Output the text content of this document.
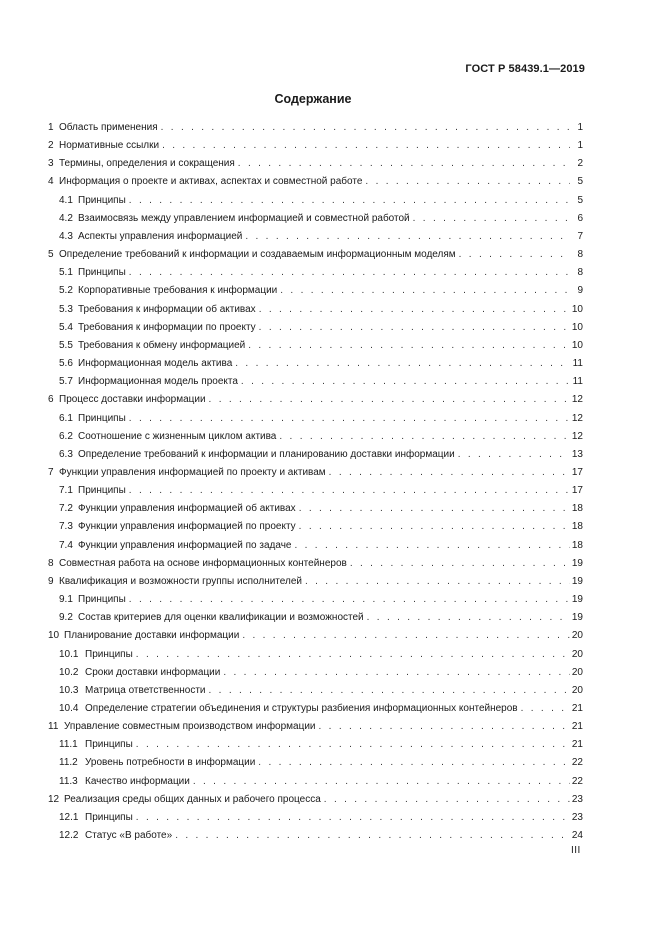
ГОСТ Р 58439.1—2019
Содержание
1 Область применения . . .	1
2 Нормативные ссылки . . .	1
3 Термины, определения и сокращения . . .	2
4 Информация о проекте и активах, аспектах и совместной работе . . .	5
4.1 Принципы . . .	5
4.2 Взаимосвязь между управлением информацией и совместной работой . . .	6
4.3 Аспекты управления информацией . . .	7
5 Определение требований к информации и создаваемым информационным моделям . . .	8
5.1 Принципы . . .	8
5.2 Корпоративные требования к информации . . .	9
5.3 Требования к информации об активах . . .	10
5.4 Требования к информации по проекту . . .	10
5.5 Требования к обмену информацией . . .	10
5.6 Информационная модель актива . . .	11
5.7 Информационная модель проекта . . .	11
6 Процесс доставки информации . . .	12
6.1 Принципы . . .	12
6.2 Соотношение с жизненным циклом актива . . .	12
6.3 Определение требований к информации и планированию доставки информации . . .	13
7 Функции управления информацией по проекту и активам . . .	17
7.1 Принципы . . .	17
7.2 Функции управления информацией об активах . . .	18
7.3 Функции управления информацией по проекту . . .	18
7.4 Функции управления информацией по задаче . . .	18
8 Совместная работа на основе информационных контейнеров . . .	19
9 Квалификация и возможности группы исполнителей . . .	19
9.1 Принципы . . .	19
9.2 Состав критериев для оценки квалификации и возможностей . . .	19
10 Планирование доставки информации . . .	20
10.1 Принципы . . .	20
10.2 Сроки доставки информации . . .	20
10.3 Матрица ответственности . . .	20
10.4 Определение стратегии объединения и структуры разбиения информационных контейнеров . . .	21
11 Управление совместным производством информации . . .	21
11.1 Принципы . . .	21
11.2 Уровень потребности в информации . . .	22
11.3 Качество информации . . .	22
12 Реализация среды общих данных и рабочего процесса . . .	23
12.1 Принципы . . .	23
12.2 Статус «В работе» . . .	24
III
